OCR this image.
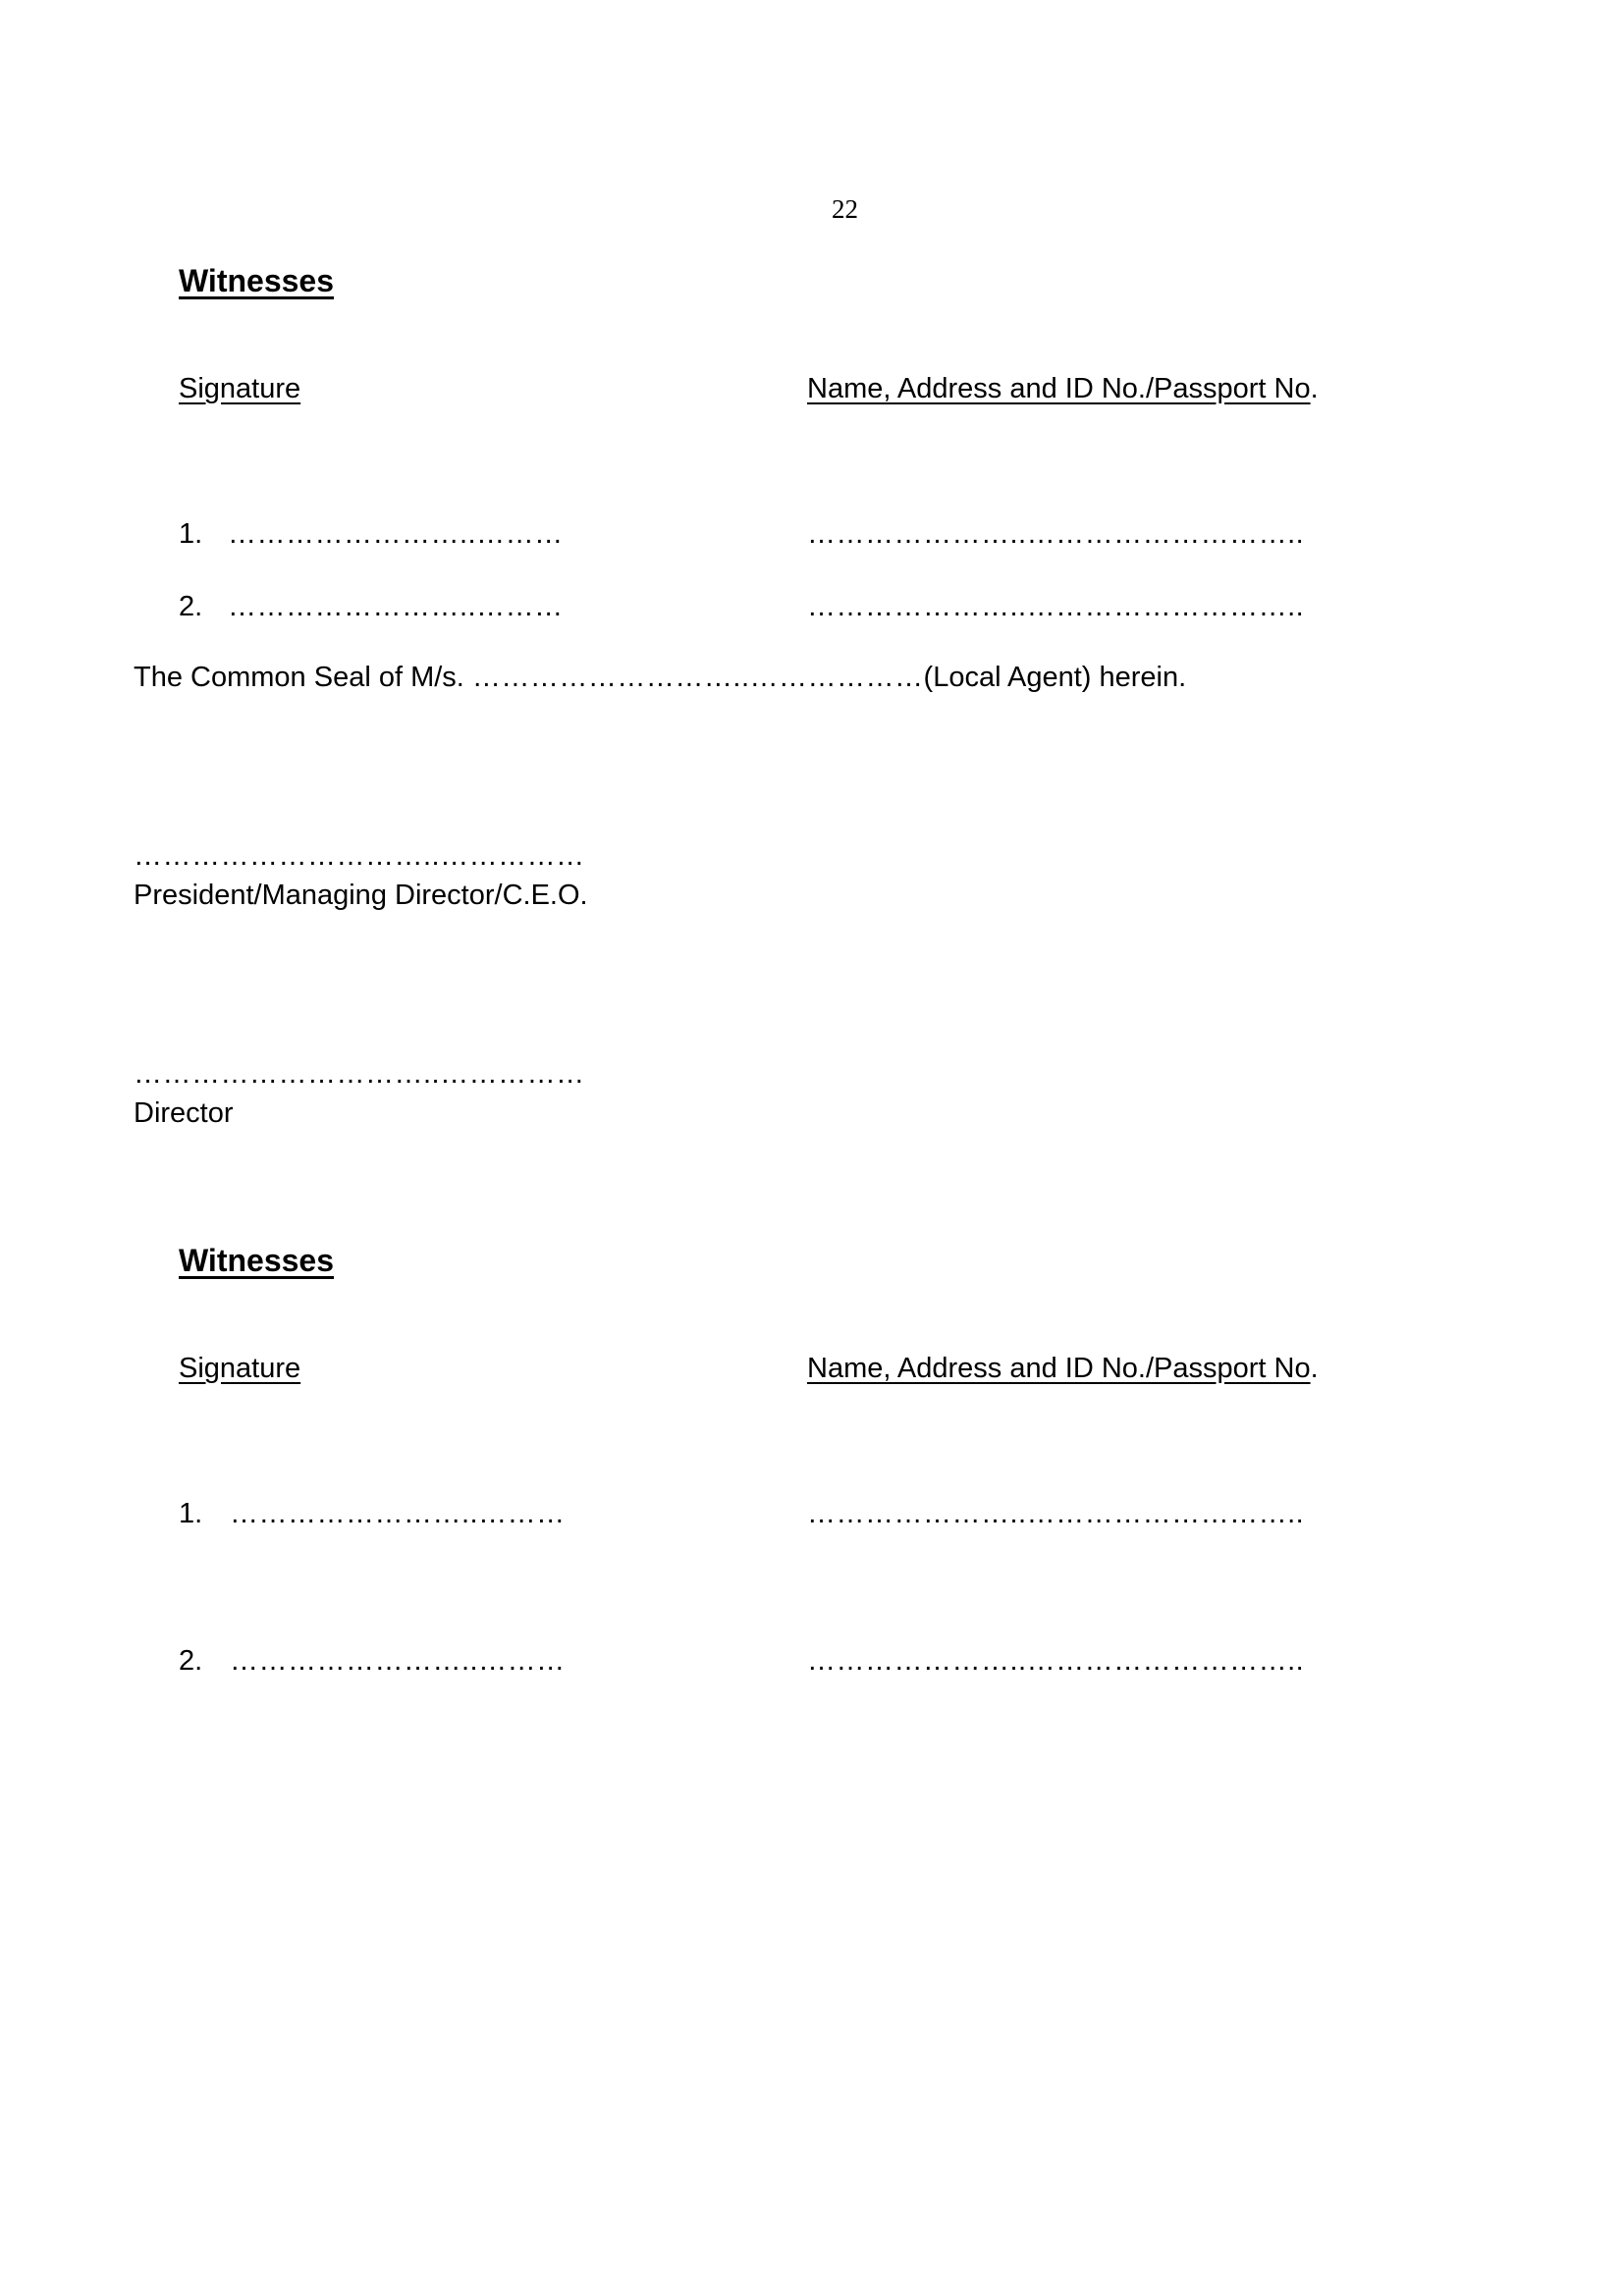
22
Witnesses
Signature	Name, Address and ID No./Passport No.
1. ……………………..………	…………………..………………………..
2. ……………………..………	…………………..………………………..
The Common Seal of M/s. ………………………..………………(Local Agent) herein.
…………………………..……………
President/Managing Director/C.E.O.
…………………………..……………
Director
Witnesses
Signature	Name, Address and ID No./Passport No.
1. ……………………..………	…………………..………………………..
2. ……………………..………	…………………..………………………..
